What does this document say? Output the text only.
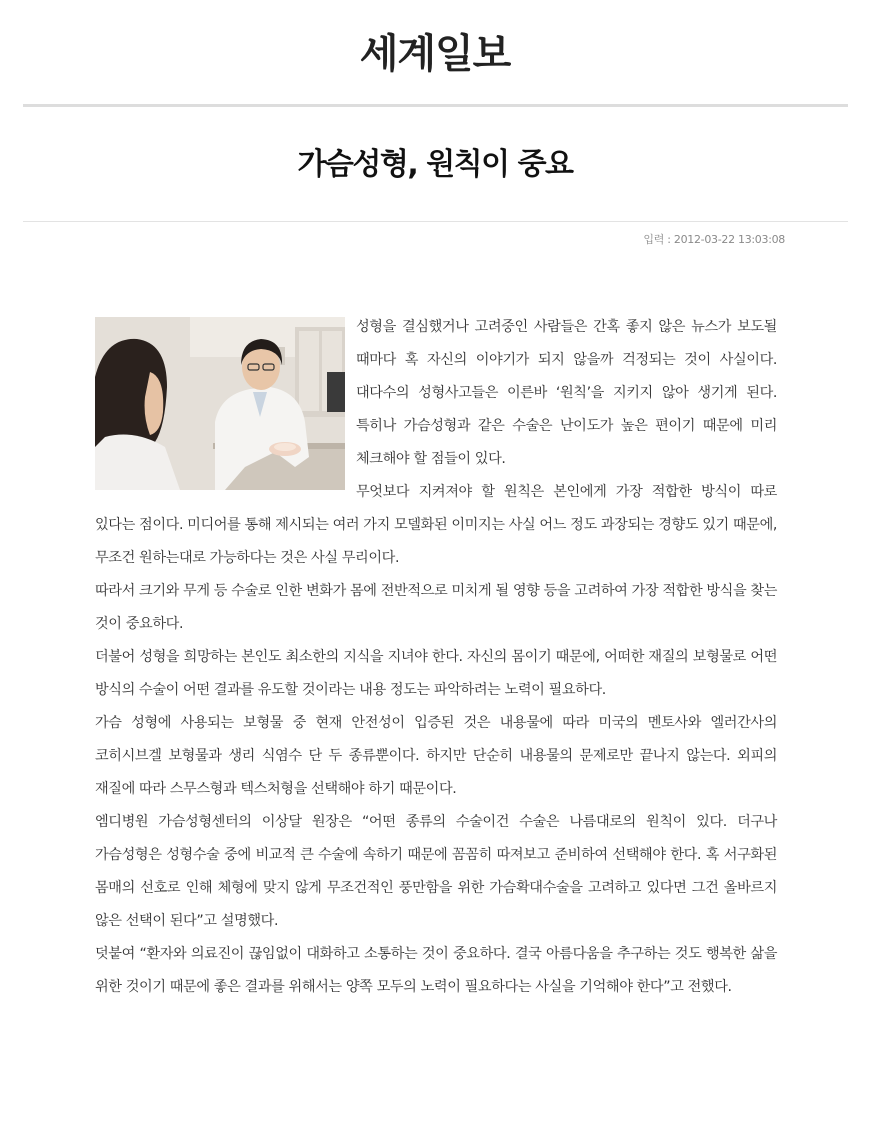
세계일보
가슴성형, 원칙이 중요
입력 : 2012-03-22 13:03:08

성형을 결심했거나 고려중인 사람들은 간혹 좋지 않은 뉴스가 보도될 때마다 혹 자신의 이야기가 되지 않을까 걱정되는 것이 사실이다. 대다수의 성형사고들은 이른바 ‘원칙’을 지키지 않아 생기게 된다. 특히나 가슴성형과 같은 수술은 난이도가 높은 편이기 때문에 미리 체크해야 할 점들이 있다.

무엇보다 지켜져야 할 원칙은 본인에게 가장 적합한 방식이 따로 있다는 점이다. 미디어를 통해 제시되는 여러 가지 모델화된 이미지는 사실 어느 정도 과장되는 경향도 있기 때문에, 무조건 원하는대로 가능하다는 것은 사실 무리이다.

따라서 크기와 무게 등 수술로 인한 변화가 몸에 전반적으로 미치게 될 영향 등을 고려하여 가장 적합한 방식을 찾는 것이 중요하다.

더불어 성형을 희망하는 본인도 최소한의 지식을 지녀야 한다. 자신의 몸이기 때문에, 어떠한 재질의 보형물로 어떤 방식의 수술이 어떤 결과를 유도할 것이라는 내용 정도는 파악하려는 노력이 필요하다.

가슴 성형에 사용되는 보형물 중 현재 안전성이 입증된 것은 내용물에 따라 미국의 멘토사와 엘러간사의 코히시브겔 보형물과 생리 식염수 단 두 종류뿐이다. 하지만 단순히 내용물의 문제로만 끝나지 않는다. 외피의 재질에 따라 스무스형과 텍스처형을 선택해야 하기 때문이다.

엠디병원 가슴성형센터의 이상달 원장은 “어떤 종류의 수술이건 수술은 나름대로의 원칙이 있다. 더구나 가슴성형은 성형수술 중에 비교적 큰 수술에 속하기 때문에 꼼꼼히 따져보고 준비하여 선택해야 한다. 혹 서구화된 몸매의 선호로 인해 체형에 맞지 않게 무조건적인 풍만함을 위한 가슴확대수술을 고려하고 있다면 그건 올바르지 않은 선택이 된다”고 설명했다.

덧붙여 “환자와 의료진이 끊임없이 대화하고 소통하는 것이 중요하다. 결국 아름다움을 추구하는 것도 행복한 삶을 위한 것이기 때문에 좋은 결과를 위해서는 양쪽 모두의 노력이 필요하다는 사실을 기억해야 한다”고 전했다.
